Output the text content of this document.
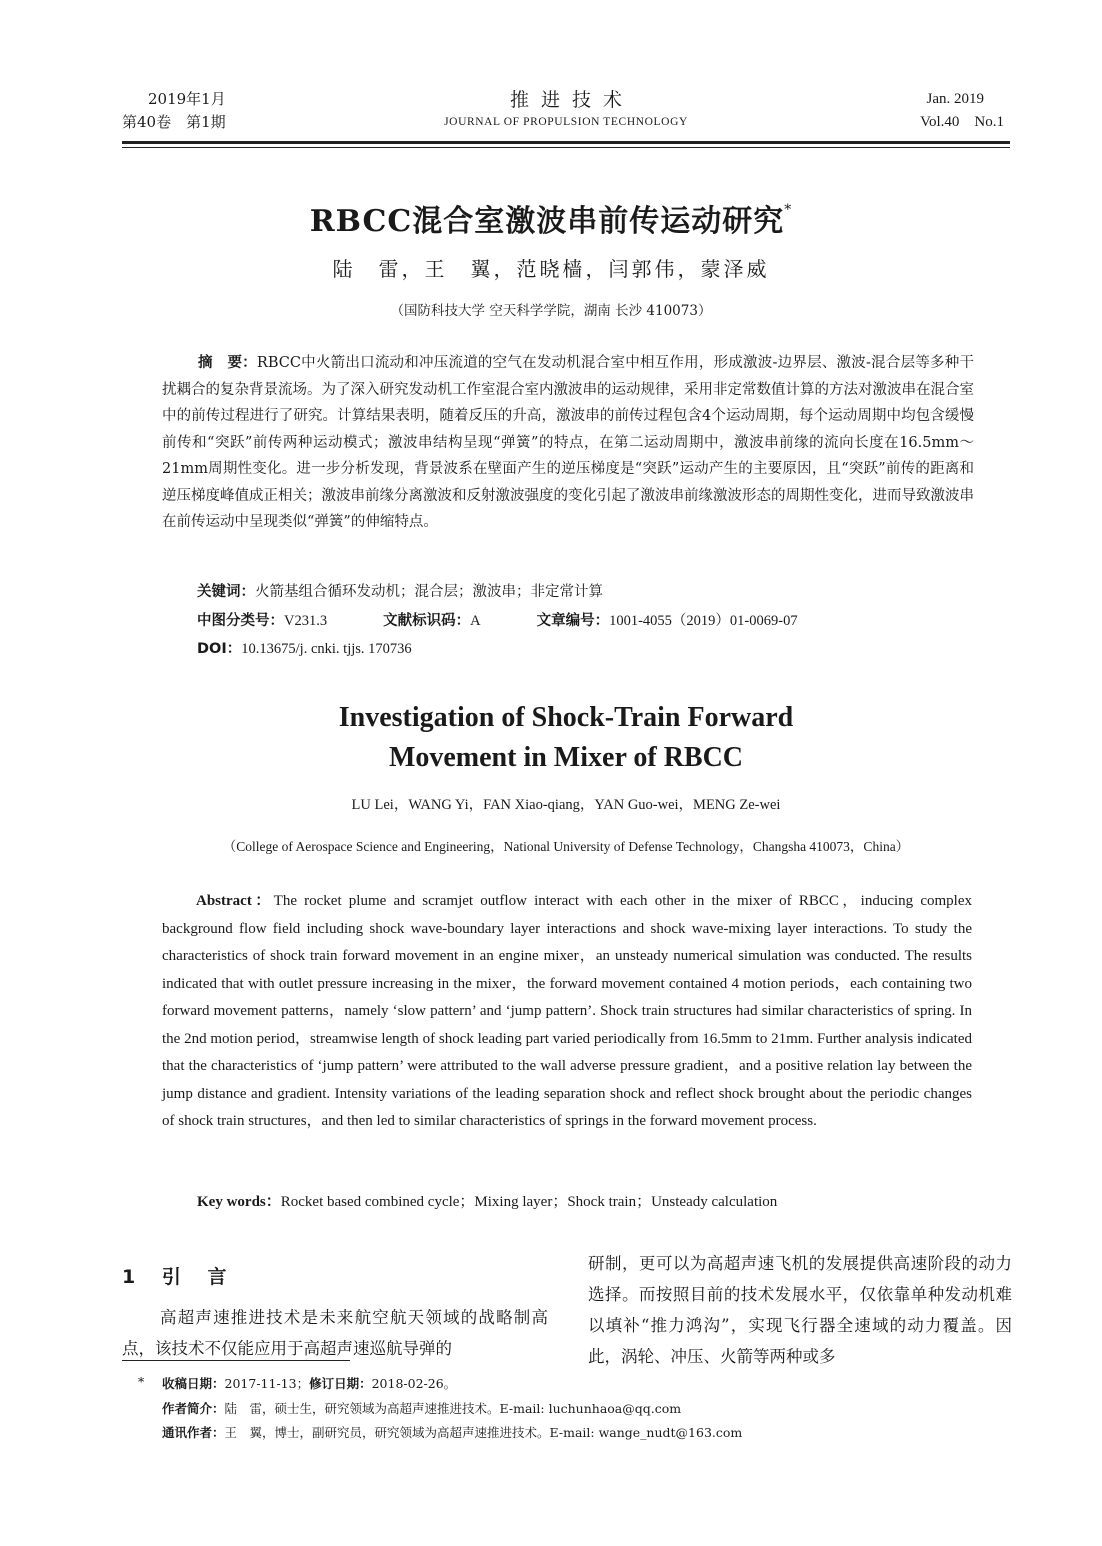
2019年1月
第40卷　第1期
推进技术
JOURNAL OF PROPULSION TECHNOLOGY
Jan. 2019
Vol.40　No.1
RBCC混合室激波串前传运动研究*
陆　雷，王　翼，范晓樯，闫郭伟，蒙泽威
（国防科技大学 空天科学学院，湖南 长沙 410073）

摘　要：RBCC中火箭出口流动和冲压流道的空气在发动机混合室中相互作用，形成激波-边界层、激波-混合层等多种干扰耦合的复杂背景流场。为了深入研究发动机工作室混合室内激波串的运动规律，采用非定常数值计算的方法对激波串在混合室中的前传过程进行了研究。计算结果表明，随着反压的升高，激波串的前传过程包含4个运动周期，每个运动周期中均包含缓慢前传和“突跃”前传两种运动模式；激波串结构呈现“弹簧”的特点，在第二运动周期中，激波串前缘的流向长度在16.5mm～21mm周期性变化。进一步分析发现，背景波系在壁面产生的逆压梯度是“突跃”运动产生的主要原因，且“突跃”前传的距离和逆压梯度峰值成正相关；激波串前缘分离激波和反射激波强度的变化引起了激波串前缘激波形态的周期性变化，进而导致激波串在前传运动中呈现类似“弹簧”的伸缩特点。

关键词：火箭基组合循环发动机；混合层；激波串；非定常计算
中图分类号：V231.3	文献标识码：A	文章编号：1001-4055（2019）01-0069-07
DOI：10.13675/j. cnki. tjjs. 170736
Investigation of Shock-Train Forward
Movement in Mixer of RBCC
LU Lei，WANG Yi，FAN Xiao-qiang，YAN Guo-wei，MENG Ze-wei
（College of Aerospace Science and Engineering，National University of Defense Technology，Changsha 410073，China）

Abstract：The rocket plume and scramjet outflow interact with each other in the mixer of RBCC，inducing complex background flow field including shock wave-boundary layer interactions and shock wave-mixing layer interactions. To study the characteristics of shock train forward movement in an engine mixer，an unsteady numerical simulation was conducted. The results indicated that with outlet pressure increasing in the mixer，the forward movement contained 4 motion periods，each containing two forward movement patterns，namely ‘slow pattern’ and ‘jump pattern’. Shock train structures had similar characteristics of spring. In the 2nd motion period，streamwise length of shock leading part varied periodically from 16.5mm to 21mm. Further analysis indicated that the characteristics of ‘jump pattern’ were attributed to the wall adverse pressure gradient，and a positive relation lay between the jump distance and gradient. Intensity variations of the leading separation shock and reflect shock brought about the periodic changes of shock train structures，and then led to similar characteristics of springs in the forward movement process.

Key words：Rocket based combined cycle；Mixing layer；Shock train；Unsteady calculation
1 引 言

高超声速推进技术是未来航空航天领域的战略制高点，该技术不仅能应用于高超声速巡航导弹的

研制，更可以为高超声速飞机的发展提供高速阶段的动力选择。而按照目前的技术发展水平，仅依靠单种发动机难以填补“推力鸿沟”，实现飞行器全速域的动力覆盖。因此，涡轮、冲压、火箭等两种或多

* 收稿日期：2017-11-13；修订日期：2018-02-26。
作者简介：陆　雷，硕士生，研究领域为高超声速推进技术。E-mail: luchunhaoa@qq.com
通讯作者：王　翼，博士，副研究员，研究领域为高超声速推进技术。E-mail: wange_nudt@163.com
